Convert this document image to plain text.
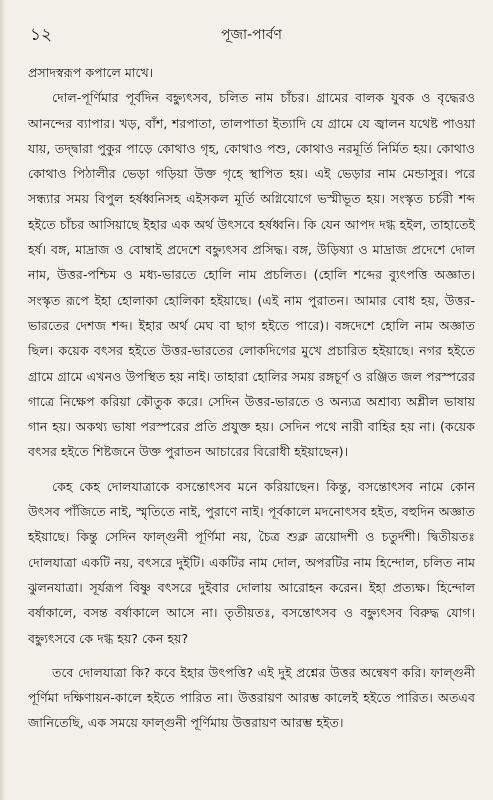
১২	পূজা-পার্বণ

প্রসাদস্বরূপ কপালে মাখে।

দোল-পূর্ণিমার পূর্বদিন বহ্ন্যুৎসব, চলিত নাম চাঁচর। গ্রামের বালক যুবক ও বৃদ্ধেরও আনন্দের ব্যাপার। খড়, বাঁশ, শরপাতা, তালপাতা ইত্যাদি যে গ্রামে যে জ্বালন যথেষ্ট পাওয়া যায়, তদ্দ্বারা পুকুর পাড়ে কোথাও গৃহ, কোথাও পশু, কোথাও নরমূর্তি নির্মিত হয়। কোথাও কোথাও পিঠালীর ভেড়া গড়িয়া উক্ত গৃহে স্থাপিত হয়। এই ভেড়ার নাম মেন্ডাসুর। পরে সন্ধ্যার সময় বিপুল হর্ষধ্বনিসহ এইসকল মূর্তি অগ্নিযোগে ভস্মীভূত হয়। সংস্কৃত চর্চরী শব্দ হইতে চাঁচর আসিয়াছে ইহার এক অর্থ উৎসবে হর্ষধ্বনি। কি যেন আপদ দগ্ধ হইল, তাহাতেই হর্ষ। বঙ্গ, মাদ্রাজ ও বোম্বাই প্রদেশে বহ্ন্যুৎসব প্রসিদ্ধ। বঙ্গ, উড়িষ্যা ও মাদ্রাজ প্রদেশে দোল নাম, উত্তর-পশ্চিম ও মধ্য-ভারতে হোলি নাম প্রচলিত। (হোলি শব্দের ব্যুৎপত্তি অজ্ঞাত। সংস্কৃত রূপে ইহা হোলাকা হোলিকা হইয়াছে। (এই নাম পুরাতন। আমার বোধ হয়, উত্তর-ভারতের দেশজ শব্দ। ইহার অর্থ মেঘ বা ছাগ হইতে পারে)। বঙ্গদেশে হোলি নাম অজ্ঞাত ছিল। কয়েক বৎসর হইতে উত্তর-ভারতের লোকদিগের মুখে প্রচারিত হইয়াছে। নগর হইতে গ্রামে গ্রামে এখনও উপস্থিত হয় নাই। তাহারা হোলির সময় রঙ্গচূর্ণ ও রঞ্জিত জল পরস্পরের গাত্রে নিক্ষেপ করিয়া কৌতুক করে। সেদিন উত্তর-ভারতে ও অন্যত্র অশ্রাব্য অশ্লীল ভাষায় গান হয়। অকথ্য ভাষা পরস্পরের প্রতি প্রযুক্ত হয়। সেদিন পথে নারী বাহির হয় না। (কয়েক বৎসর হইতে শিষ্টজনে উক্ত পুরাতন আচারের বিরোধী হইয়াছেন)।

কেহ কেহ দোলযাত্রাকে বসন্তোৎসব মনে করিয়াছেন। কিন্তু, বসন্তোৎসব নামে কোন উৎসব পাঁজিতে নাই, স্মৃতিতে নাই, পুরাণে নাই। পূর্বকালে মদনোৎসব হইত, বহুদিন অজ্ঞাত হইয়াছে। কিন্তু সেদিন ফাল্গুনী পূর্ণিমা নয়, চৈত্র শুক্ল ত্রয়োদশী ও চতুর্দশী। দ্বিতীয়তঃ দোলযাত্রা একটি নয়, বৎসরে দুইটি। একটির নাম দোল, অপরটির নাম হিন্দোল, চলিত নাম ঝুলনযাত্রা। সূর্যরূপ বিষ্ণু বৎসরে দুইবার দোলায় আরোহন করেন। ইহা প্রত্যক্ষ। হিন্দোল বর্ষাকালে, বসন্ত বর্ষাকালে আসে না। তৃতীয়তঃ, বসন্তোৎসব ও বহ্ন্যুৎসব বিরুদ্ধ যোগ। বহ্ন্যুৎসবে কে দগ্ধ হয়? কেন হয়?

তবে দোলযাত্রা কি? কবে ইহার উৎপত্তি? এই দুই প্রশ্নের উত্তর অন্বেষণ করি। ফাল্গুনী পূর্ণিমা দক্ষিণায়ন-কালে হইতে পারিত না। উত্তরায়ণ আরম্ভ কালেই হইতে পারিত। অতএব জানিতেছি, এক সময়ে ফাল্গুনী পূর্ণিমায় উত্তরায়ণ আরম্ভ হইত।
